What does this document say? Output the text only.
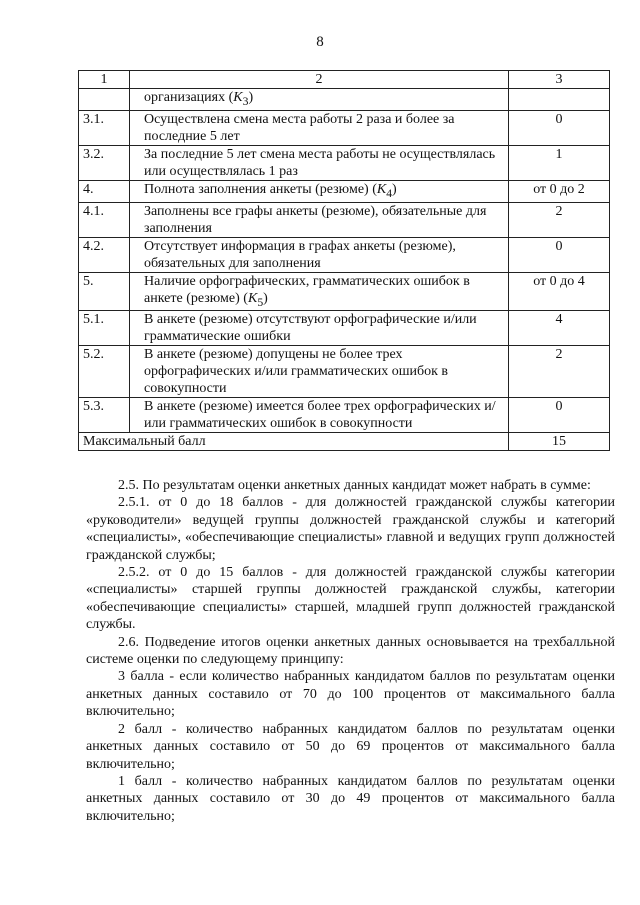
8
1	2	3
	организациях $(K_3)$	
3.1.	Осуществлена смена места работы 2 раза и более за последние 5 лет	0
3.2.	За последние 5 лет смена места работы не осуществлялась или осуществлялась 1 раз	1
4.	Полнота заполнения анкеты (резюме) $(K_4)$	от 0 до 2
4.1.	Заполнены все графы анкеты (резюме), обязательные для заполнения	2
4.2.	Отсутствует информация в графах анкеты (резюме), обязательных для заполнения	0
5.	Наличие орфографических, грамматических ошибок в анкете (резюме) $(K_5)$	от 0 до 4
5.1.	В анкете (резюме) отсутствуют орфографические и/или грамматические ошибки	4
5.2.	В анкете (резюме) допущены не более трех орфографических и/или грамматических ошибок в совокупности	2
5.3.	В анкете (резюме) имеется более трех орфографических и/или грамматических ошибок в совокупности	0
Максимальный балл		15

2.5. По результатам оценки анкетных данных кандидат может набрать в сумме:

2.5.1. от 0 до 18 баллов - для должностей гражданской службы категории «руководители» ведущей группы должностей гражданской службы и категорий «специалисты», «обеспечивающие специалисты» главной и ведущих групп должностей гражданской службы;

2.5.2. от 0 до 15 баллов - для должностей гражданской службы категории «специалисты» старшей группы должностей гражданской службы, категории «обеспечивающие специалисты» старшей, младшей групп должностей гражданской службы.

2.6. Подведение итогов оценки анкетных данных основывается на трехбалльной системе оценки по следующему принципу:

3 балла - если количество набранных кандидатом баллов по результатам оценки анкетных данных составило от 70 до 100 процентов от максимального балла включительно;

2 балл - количество набранных кандидатом баллов по результатам оценки анкетных данных составило от 50 до 69 процентов от максимального балла включительно;

1 балл - количество набранных кандидатом баллов по результатам оценки анкетных данных составило от 30 до 49 процентов от максимального балла включительно;
